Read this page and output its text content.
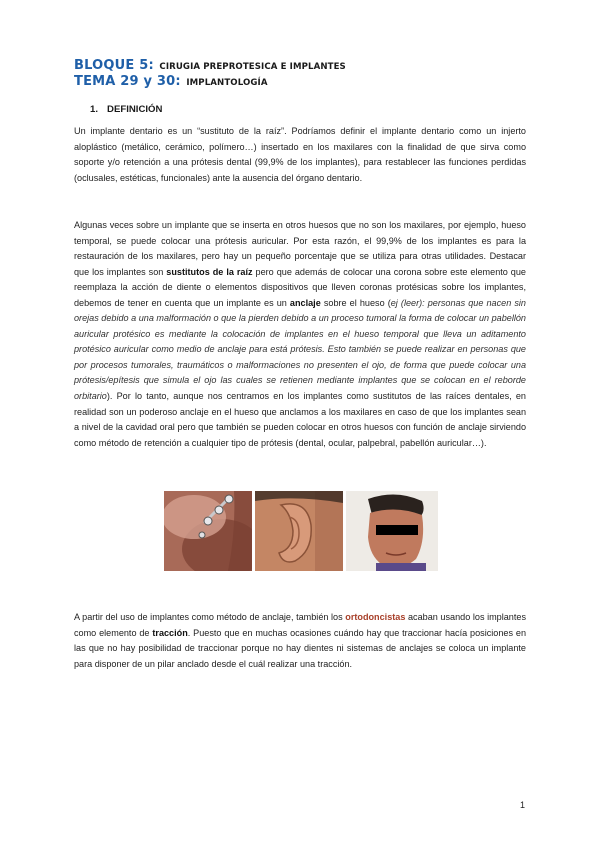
BLOQUE 5: CIRUGIA PREPROTESICA E IMPLANTES
TEMA 29 y 30: IMPLANTOLOGÍA
1. DEFINICIÓN
Un implante dentario es un “sustituto de la raíz”. Podríamos definir el implante dentario como un injerto aloplástico (metálico, cerámico, polímero…) insertado en los maxilares con la finalidad de que sirva como soporte y/o retención a una prótesis dental (99,9% de los implantes), para restablecer las funciones perdidas (oclusales, estéticas, funcionales) ante la ausencia del órgano dentario.
Algunas veces sobre un implante que se inserta en otros huesos que no son los maxilares, por ejemplo, hueso temporal, se puede colocar una prótesis auricular. Por esta razón, el 99,9% de los implantes es para la restauración de los maxilares, pero hay un pequeño porcentaje que se utiliza para otras utilidades. Destacar que los implantes son sustitutos de la raíz pero que además de colocar una corona sobre este elemento que reemplaza la acción de diente o elementos dispositivos que lleven coronas protésicas sobre los implantes, debemos de tener en cuenta que un implante es un anclaje sobre el hueso (ej (leer): personas que nacen sin orejas debido a una malformación o que la pierden debido a un proceso tumoral la forma de colocar un pabellón auricular protésico es mediante la colocación de implantes en el hueso temporal que lleva un aditamento protésico auricular como medio de anclaje para está prótesis. Esto también se puede realizar en personas que por procesos tumorales, traumáticos o malformaciones no presenten el ojo, de forma que puede colocar una prótesis/epítesis que simula el ojo las cuales se retienen mediante implantes que se colocan en el reborde orbitario). Por lo tanto, aunque nos centramos en los implantes como sustitutos de las raíces dentales, en realidad son un poderoso anclaje en el hueso que anclamos a los maxilares en caso de que los implantes sean a nivel de la cavidad oral pero que también se pueden colocar en otros huesos con función de anclaje sirviendo como método de retención a cualquier tipo de prótesis (dental, ocular, palpebral, pabellón auricular…).
A partir del uso de implantes como método de anclaje, también los ortodoncistas acaban usando los implantes como elemento de tracción. Puesto que en muchas ocasiones cuándo hay que traccionar hacía posiciones en las que no hay posibilidad de traccionar porque no hay dientes ni sistemas de anclajes se coloca un implante para disponer de un pilar anclado desde el cuál realizar una tracción.
1
